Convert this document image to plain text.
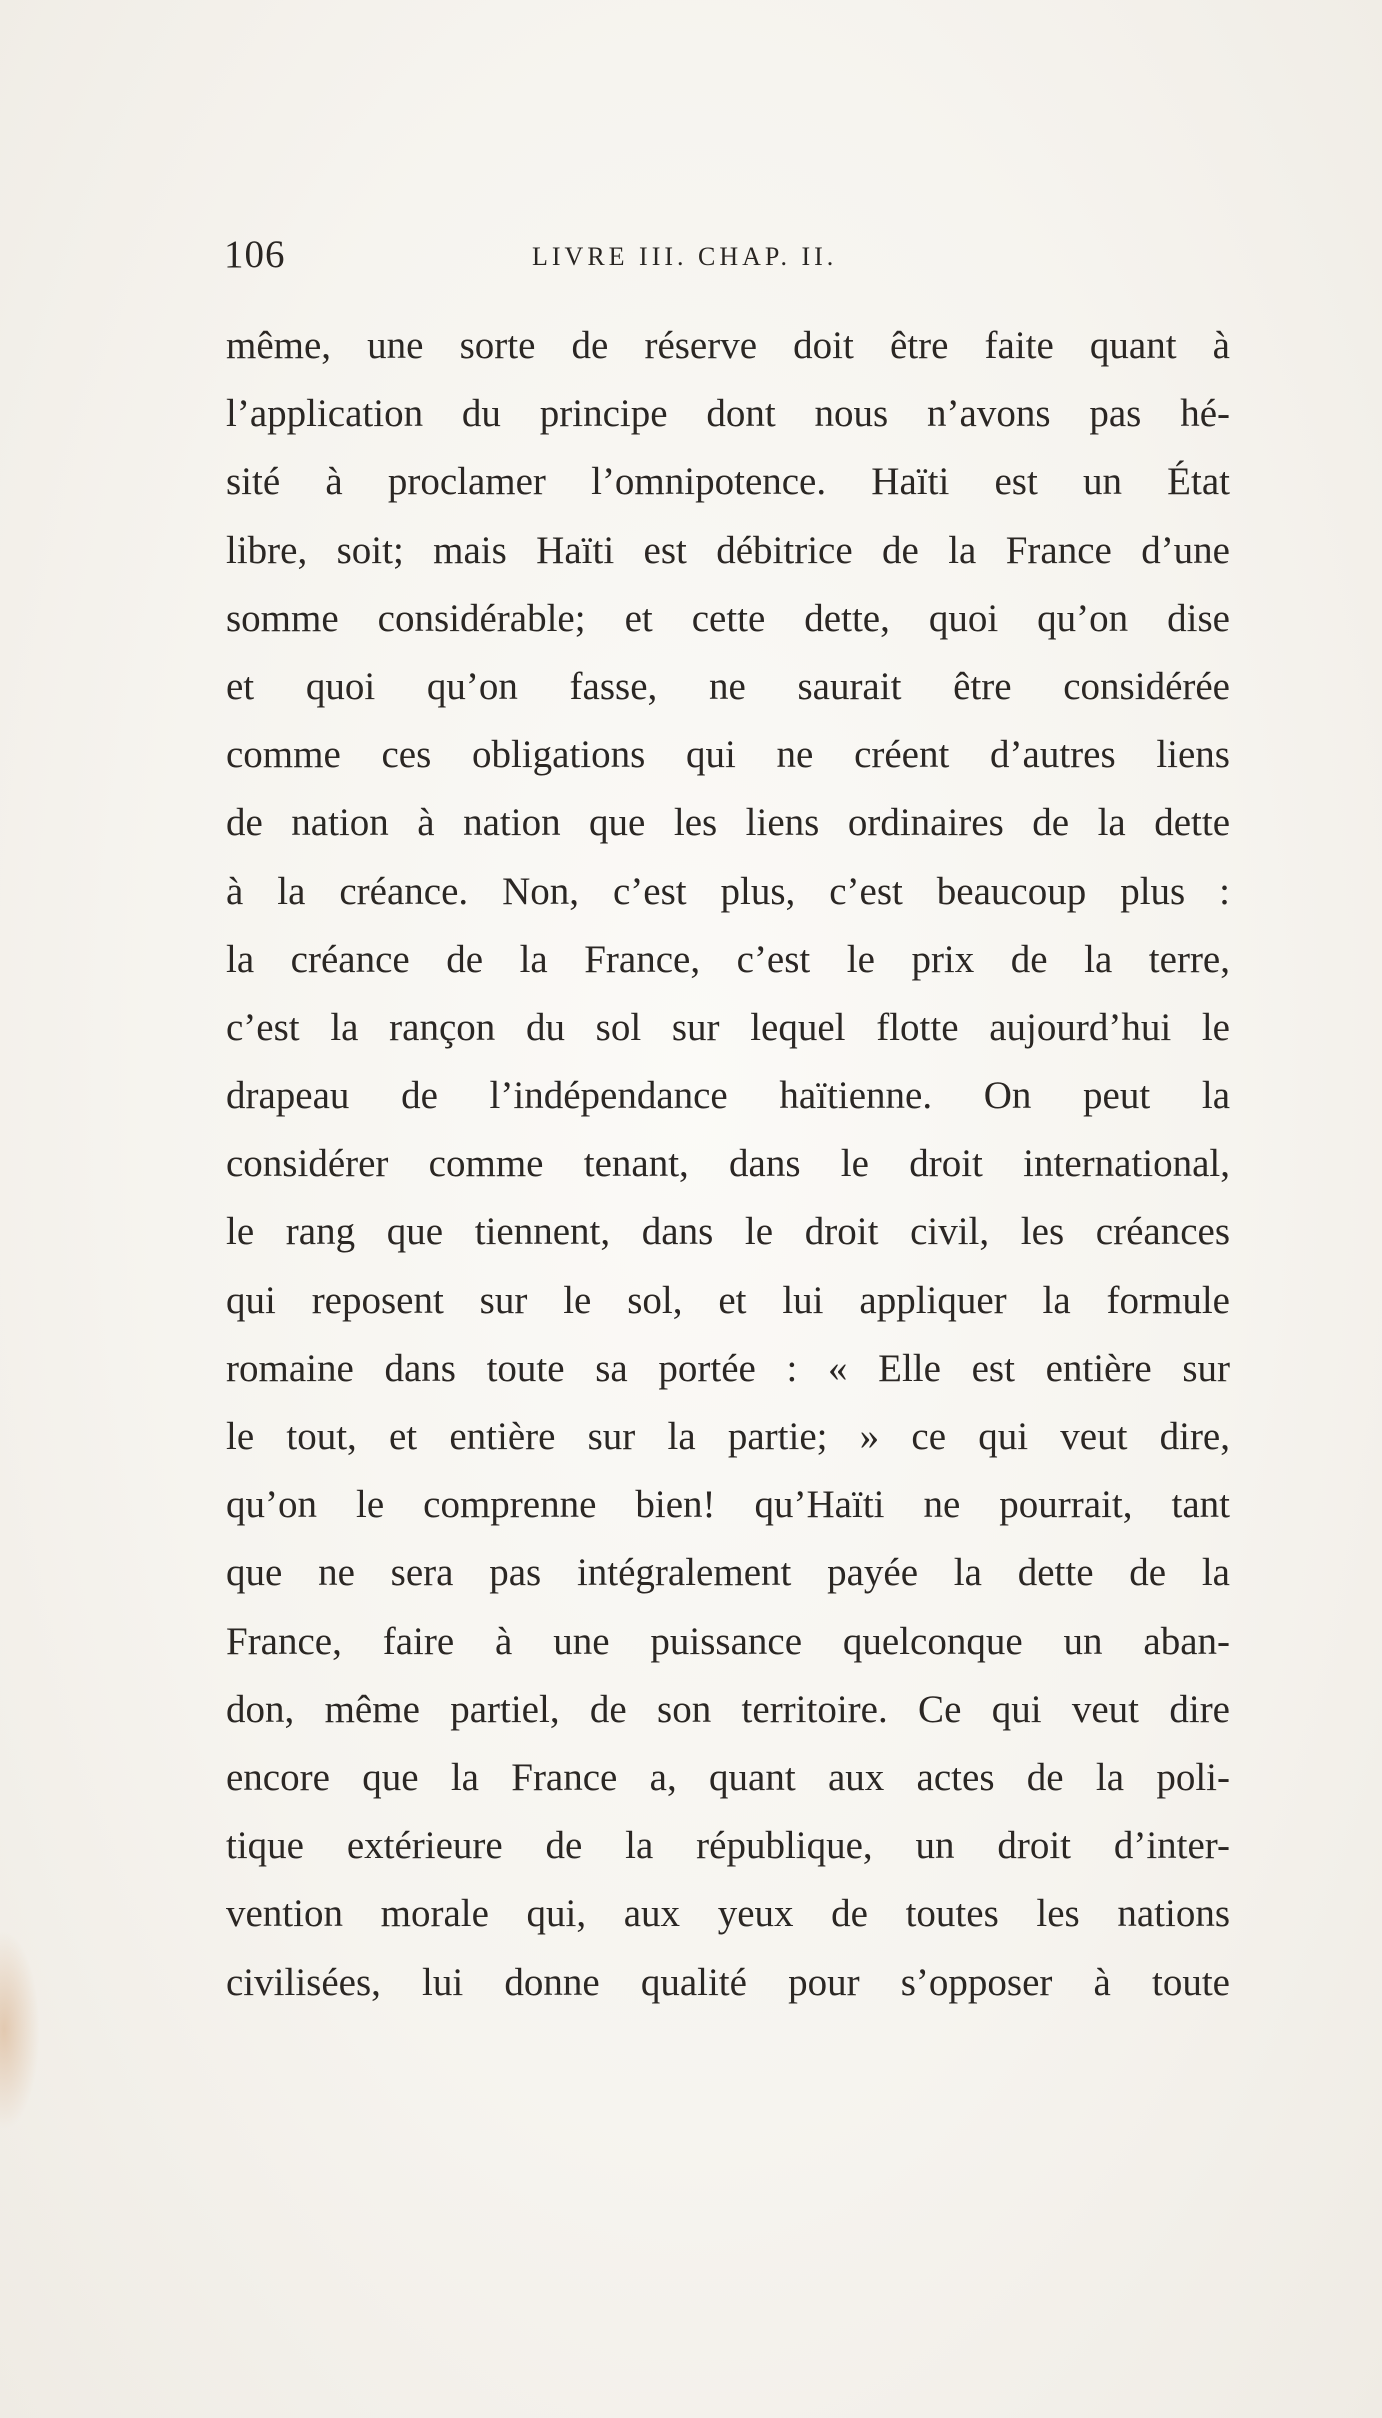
106	LIVRE III. CHAP. II.
même, une sorte de réserve doit être faite quant à
l’application du principe dont nous n’avons pas hé-
sité à proclamer l’omnipotence. Haïti est un État
libre, soit; mais Haïti est débitrice de la France d’une
somme considérable; et cette dette, quoi qu’on dise
et quoi qu’on fasse, ne saurait être considérée
comme ces obligations qui ne créent d’autres liens
de nation à nation que les liens ordinaires de la dette
à la créance. Non, c’est plus, c’est beaucoup plus :
la créance de la France, c’est le prix de la terre,
c’est la rançon du sol sur lequel flotte aujourd’hui le
drapeau de l’indépendance haïtienne. On peut la
considérer comme tenant, dans le droit international,
le rang que tiennent, dans le droit civil, les créances
qui reposent sur le sol, et lui appliquer la formule
romaine dans toute sa portée : « Elle est entière sur
le tout, et entière sur la partie; » ce qui veut dire,
qu’on le comprenne bien! qu’Haïti ne pourrait, tant
que ne sera pas intégralement payée la dette de la
France, faire à une puissance quelconque un aban-
don, même partiel, de son territoire. Ce qui veut dire
encore que la France a, quant aux actes de la poli-
tique extérieure de la république, un droit d’inter-
vention morale qui, aux yeux de toutes les nations
civilisées, lui donne qualité pour s’opposer à toute
